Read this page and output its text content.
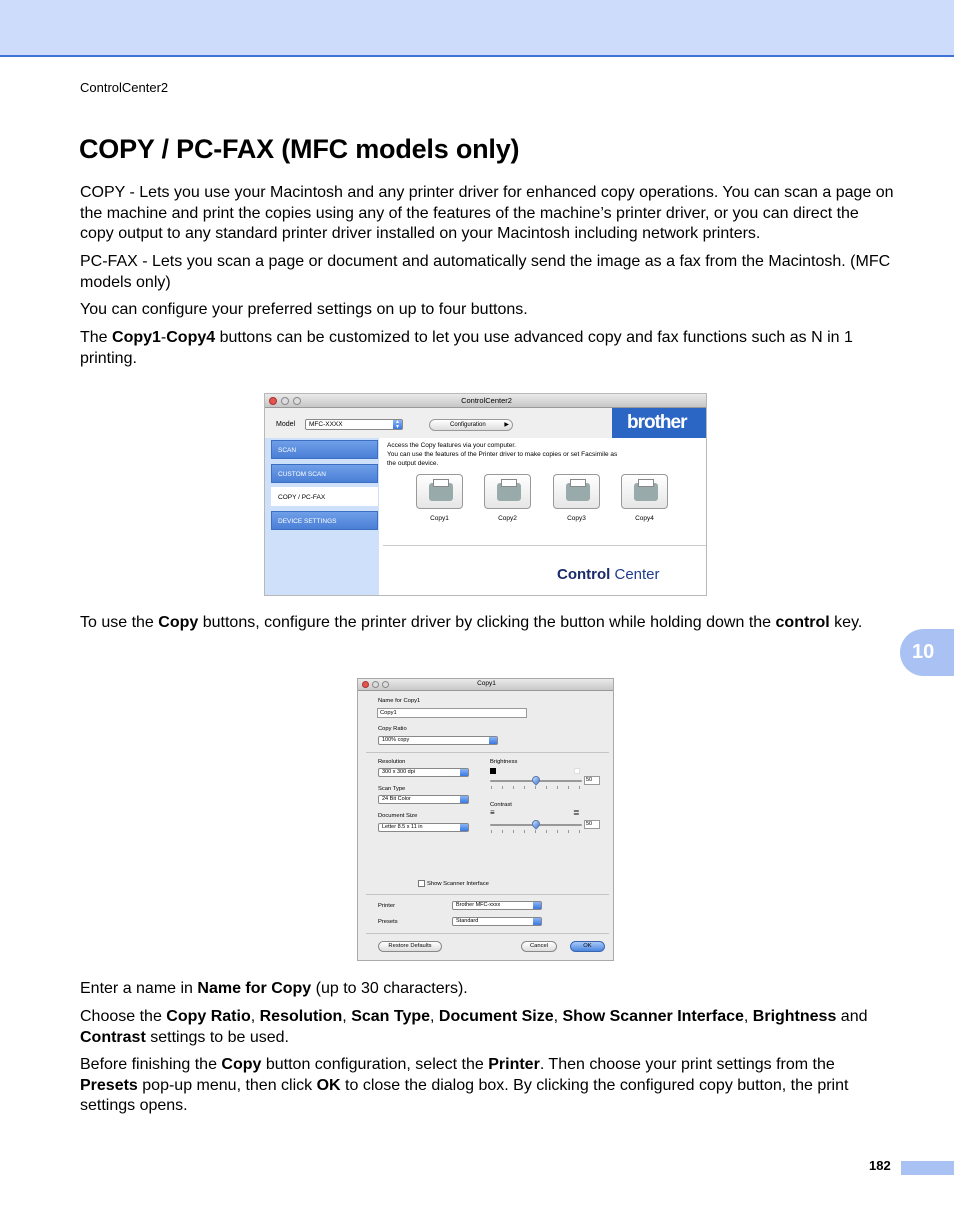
ControlCenter2
COPY / PC-FAX (MFC models only)

COPY - Lets you use your Macintosh and any printer driver for enhanced copy operations. You can scan a page on the machine and print the copies using any of the features of the machine’s printer driver, or you can direct the copy output to any standard printer driver installed on your Macintosh including network printers.

PC-FAX - Lets you scan a page or document and automatically send the image as a fax from the Macintosh. (MFC models only)

You can configure your preferred settings on up to four buttons.

The Copy1-Copy4 buttons can be customized to let you use advanced copy and fax functions such as N in 1 printing.

ControlCenter2
Model	MFC-XXXX	▲
▼	Configuration	▶	brother
SCAN
CUSTOM SCAN
COPY / PC-FAX
DEVICE SETTINGS
Access the Copy features via your computer.
You can use the features of the Printer driver to make copies or set Facsimile as
the output device.
Copy1	Copy2	Copy3	Copy4
Control Center

To use the Copy buttons, configure the printer driver by clicking the button while holding down the control key.

10
Copy1
Name for Copy1
Copy1
Copy Ratio
100% copy
Resolution
300 x 300 dpi
Scan Type
24 Bit Color
Document Size
Letter 8.5 x 11 in
Brightness
50
Contrast
≡	≣
50
Show Scanner Interface
Printer	Brother MFC-xxxx
Presets	Standard
Restore Defaults	Cancel	OK

Enter a name in Name for Copy (up to 30 characters).

Choose the Copy Ratio, Resolution, Scan Type, Document Size, Show Scanner Interface, Brightness and Contrast settings to be used.

Before finishing the Copy button configuration, select the Printer. Then choose your print settings from the Presets pop-up menu, then click OK to close the dialog box. By clicking the configured copy button, the print settings opens.

182
